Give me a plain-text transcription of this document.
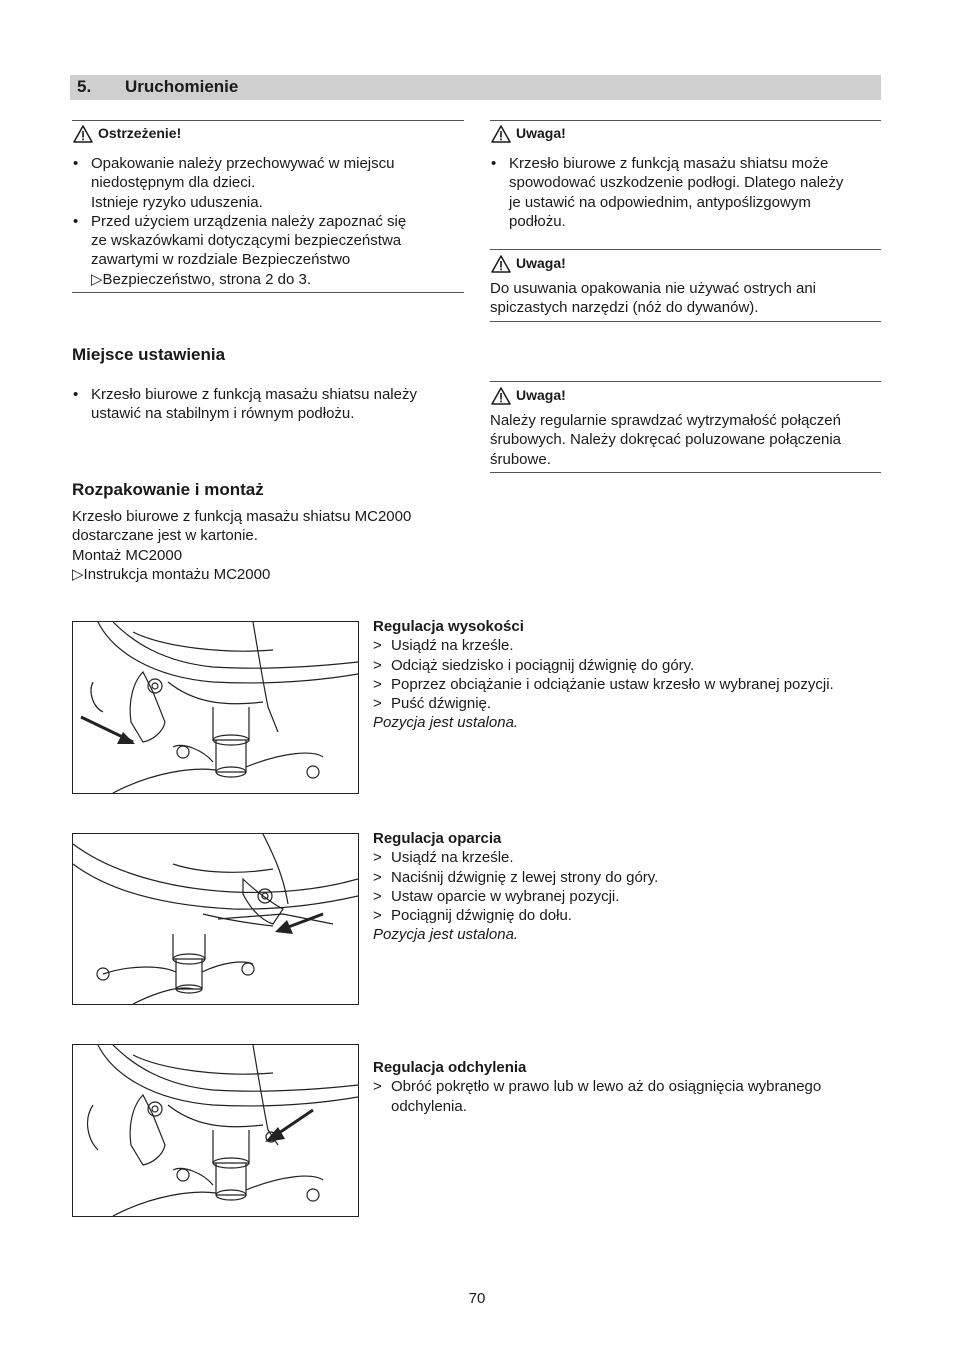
5. Uruchomienie
Ostrzeżenie!
• Opakowanie należy przechowywać w miejscu
niedostępnym dla dzieci.
Istnieje ryzyko uduszenia.
• Przed użyciem urządzenia należy zapoznać się
ze wskazówkami dotyczącymi bezpieczeństwa
zawartymi w rozdziale Bezpieczeństwo
▷Bezpieczeństwo, strona 2 do 3.
Uwaga!
• Krzesło biurowe z funkcją masażu shiatsu może
spowodować uszkodzenie podłogi. Dlatego należy
je ustawić na odpowiednim, antypoślizgowym
podłożu.
Uwaga!
Do usuwania opakowania nie używać ostrych ani
spiczastych narzędzi (nóż do dywanów).
Miejsce ustawienia
• Krzesło biurowe z funkcją masażu shiatsu należy
ustawić na stabilnym i równym podłożu.
Uwaga!
Należy regularnie sprawdzać wytrzymałość połączeń
śrubowych. Należy dokręcać poluzowane połączenia
śrubowe.
Rozpakowanie i montaż
Krzesło biurowe z funkcją masażu shiatsu MC2000
dostarczane jest w kartonie.
Montaż MC2000
▷Instrukcja montażu MC2000
Regulacja wysokości
> Usiądź na krześle.
> Odciąż siedzisko i pociągnij dźwignię do góry.
> Poprzez obciążanie i odciążanie ustaw krzesło w wybranej pozycji.
> Puść dźwignię.
Pozycja jest ustalona.
Regulacja oparcia
> Usiądź na krześle.
> Naciśnij dźwignię z lewej strony do góry.
> Ustaw oparcie w wybranej pozycji.
> Pociągnij dźwignię do dołu.
Pozycja jest ustalona.
Regulacja odchylenia
> Obróć pokrętło w prawo lub w lewo aż do osiągnięcia wybranego
odchylenia.
70
